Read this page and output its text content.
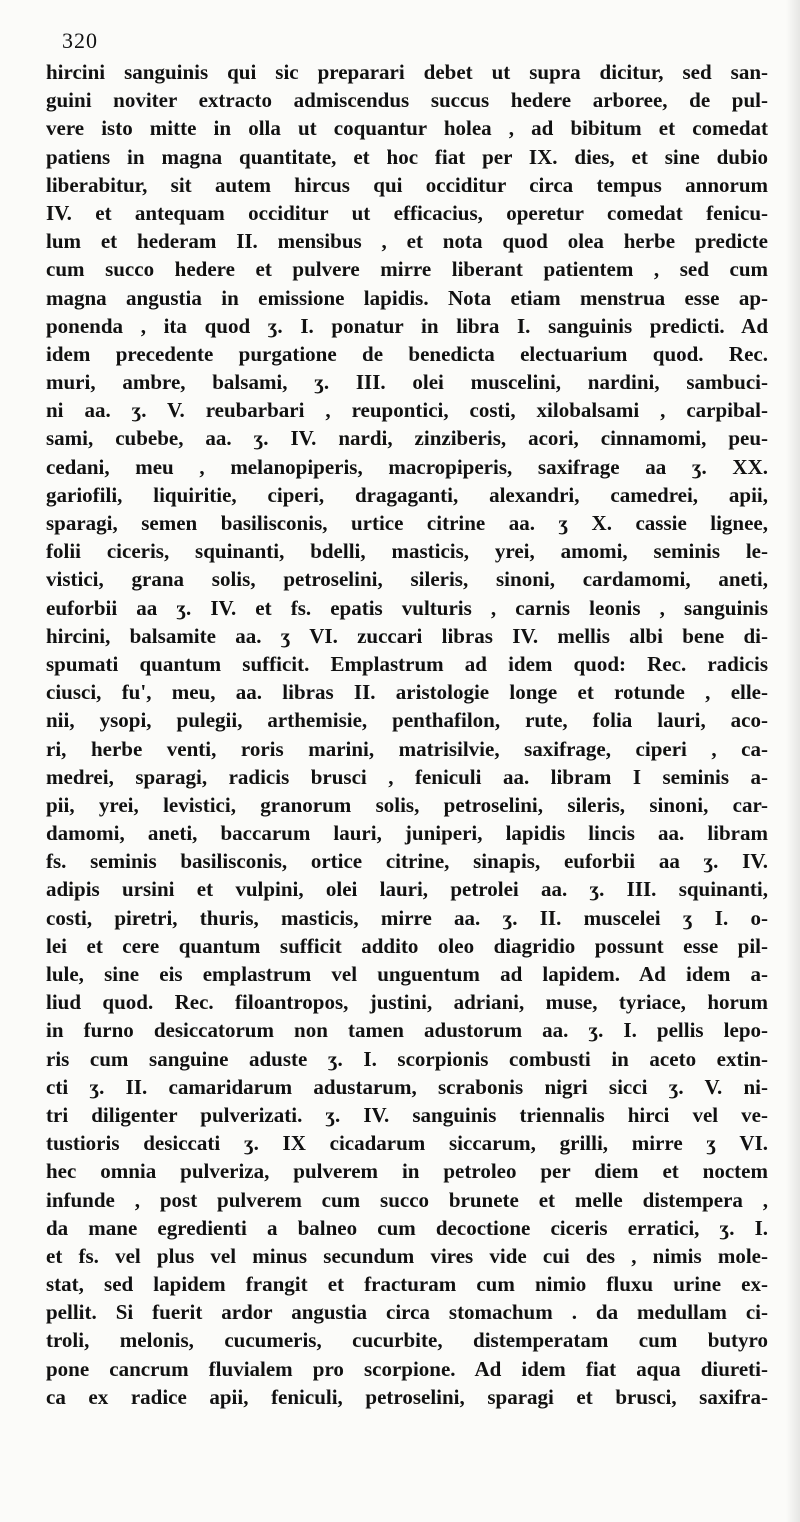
320
hircini sanguinis qui sic preparari debet ut supra dicitur, sed san-
guini noviter extracto admiscendus succus hedere arboree, de pul-
vere isto mitte in olla ut coquantur holea , ad bibitum et comedat
patiens in magna quantitate, et hoc fiat per IX. dies, et sine dubio
liberabitur, sit autem hircus qui occiditur circa tempus annorum
IV. et antequam occiditur ut efficacius, operetur comedat fenicu-
lum et hederam II. mensibus , et nota quod olea herbe predicte
cum succo hedere et pulvere mirre liberant patientem , sed cum
magna angustia in emissione lapidis. Nota etiam menstrua esse ap-
ponenda , ita quod ʒ. I. ponatur in libra I. sanguinis predicti. Ad
idem precedente purgatione de benedicta electuarium quod. Rec.
muri, ambre, balsami, ʒ. III. olei muscelini, nardini, sambuci-
ni aa. ʒ. V. reubarbari , reupontici, costi, xilobalsami , carpibal-
sami, cubebe, aa. ʒ. IV. nardi, zinziberis, acori, cinnamomi, peu-
cedani, meu , melanopiperis, macropiperis, saxifrage aa ʒ. XX.
gariofili, liquiritie, ciperi, dragaganti, alexandri, camedrei, apii,
sparagi, semen basilisconis, urtice citrine aa. ʒ X. cassie lignee,
folii ciceris, squinanti, bdelli, masticis, yrei, amomi, seminis le-
vistici, grana solis, petroselini, sileris, sinoni, cardamomi, aneti,
euforbii aa ʒ. IV. et fs. epatis vulturis , carnis leonis , sanguinis
hircini, balsamite aa. ʒ VI. zuccari libras IV. mellis albi bene di-
spumati quantum sufficit. Emplastrum ad idem quod: Rec. radicis
ciusci, fu', meu, aa. libras II. aristologie longe et rotunde , elle-
nii, ysopi, pulegii, arthemisie, penthafilon, rute, folia lauri, aco-
ri, herbe venti, roris marini, matrisilvie, saxifrage, ciperi , ca-
medrei, sparagi, radicis brusci , feniculi aa. libram I seminis a-
pii, yrei, levistici, granorum solis, petroselini, sileris, sinoni, car-
damomi, aneti, baccarum lauri, juniperi, lapidis lincis aa. libram
fs. seminis basilisconis, ortice citrine, sinapis, euforbii aa ʒ. IV.
adipis ursini et vulpini, olei lauri, petrolei aa. ʒ. III. squinanti,
costi, piretri, thuris, masticis, mirre aa. ʒ. II. muscelei ʒ I. o-
lei et cere quantum sufficit addito oleo diagridio possunt esse pil-
lule, sine eis emplastrum vel unguentum ad lapidem. Ad idem a-
liud quod. Rec. filoantropos, justini, adriani, muse, tyriace, horum
in furno desiccatorum non tamen adustorum aa. ʒ. I. pellis lepo-
ris cum sanguine aduste ʒ. I. scorpionis combusti in aceto extin-
cti ʒ. II. camaridarum adustarum, scrabonis nigri sicci ʒ. V. ni-
tri diligenter pulverizati. ʒ. IV. sanguinis triennalis hirci vel ve-
tustioris desiccati ʒ. IX cicadarum siccarum, grilli, mirre ʒ VI.
hec omnia pulveriza, pulverem in petroleo per diem et noctem
infunde , post pulverem cum succo brunete et melle distempera ,
da mane egredienti a balneo cum decoctione ciceris erratici, ʒ. I.
et fs. vel plus vel minus secundum vires vide cui des , nimis mole-
stat, sed lapidem frangit et fracturam cum nimio fluxu urine ex-
pellit. Si fuerit ardor angustia circa stomachum . da medullam ci-
troli, melonis, cucumeris, cucurbite, distemperatam cum butyro
pone cancrum fluvialem pro scorpione. Ad idem fiat aqua diureti-
ca ex radice apii, feniculi, petroselini, sparagi et brusci, saxifra-
